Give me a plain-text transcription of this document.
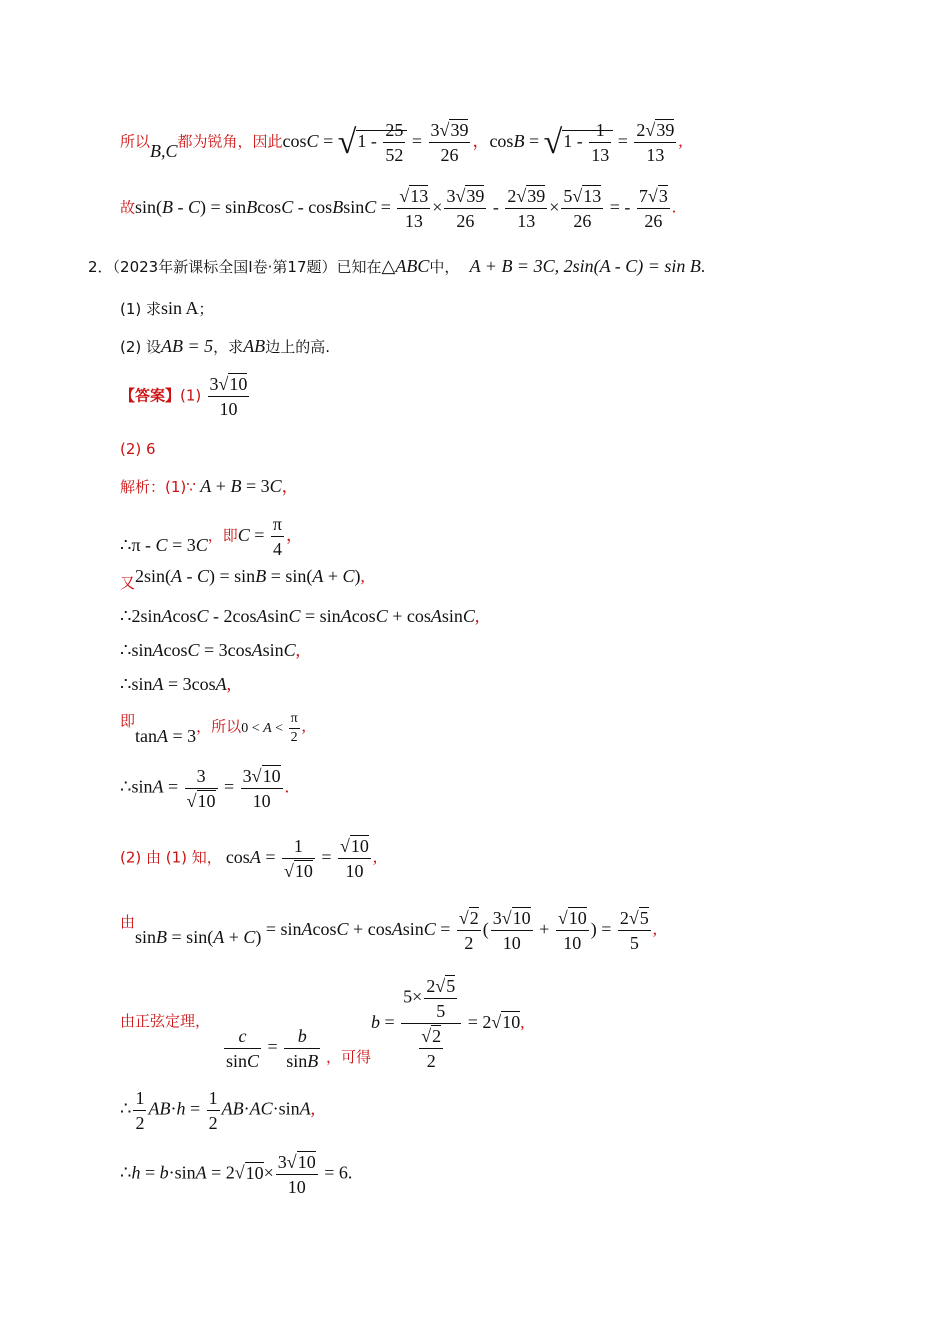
所以B,C都为锐角，因此$\cos C = √1 - \frac{25}{52} = \frac{3√39}{26}$ ，$\cos B = √1 - \frac{1}{13} = \frac{2√39}{13}$ ,
故sin(B - C) = sinBcosC - cosBsinC = $\frac{√13}{13} \times \frac{3√39}{26} - \frac{2√39}{13} \times \frac{5√13}{26}$ = - $\frac{7√3}{26}$ .
2．（2023年新课标全国Ⅰ卷·第17题）已知在△ABC中， A + B = 3C, 2sin(A - C) = sin B.
(1) 求sin A；
(2) 设AB = 5，求AB边上的高.
【答案】$(1) \frac{3√10}{10}$
(2) 6
解析：(1)∵ A + B = 3C，
∴π - C = 3C，即$C = \frac{\pi}{4}$ ，
又2sin(A - C) = sinB = sin(A + C),
∴2sinAcosC - 2cosAsinC = sinAcosC + cosAsinC,
∴sinAcosC = 3cosAsinC,
∴sinA = 3cosA,
即tanA = 3，所以$0 < A < \frac{\pi}{2}$ ,
∴sinA = $\frac{3}{√10} = \frac{3√10}{10}$ .
(2) 由 (1) 知， $\cos A = \frac{1}{√10} = \frac{√10}{10}$ ,
由sinB = sin(A + C) = sinAcosC + cosAsinC = $\frac{√2}{2}$ ( $\frac{3√10}{10} + \frac{√10}{10}$ ) = $\frac{2√5}{5}$ ,
由正弦定理，
$\frac{c}{\sin C} = \frac{b}{\sin B}$ ，可得$b = \frac{5\times \frac{2√5}{5}}{\frac{√2}{2}} = 2√10$,
∴ $\frac{1}{2} AB\cdot h = \frac{1}{2} AB\cdot AC\cdot\sin A$,
∴h = $b\cdot\sin A = 2√10\times \frac{3√10}{10} = 6$.
